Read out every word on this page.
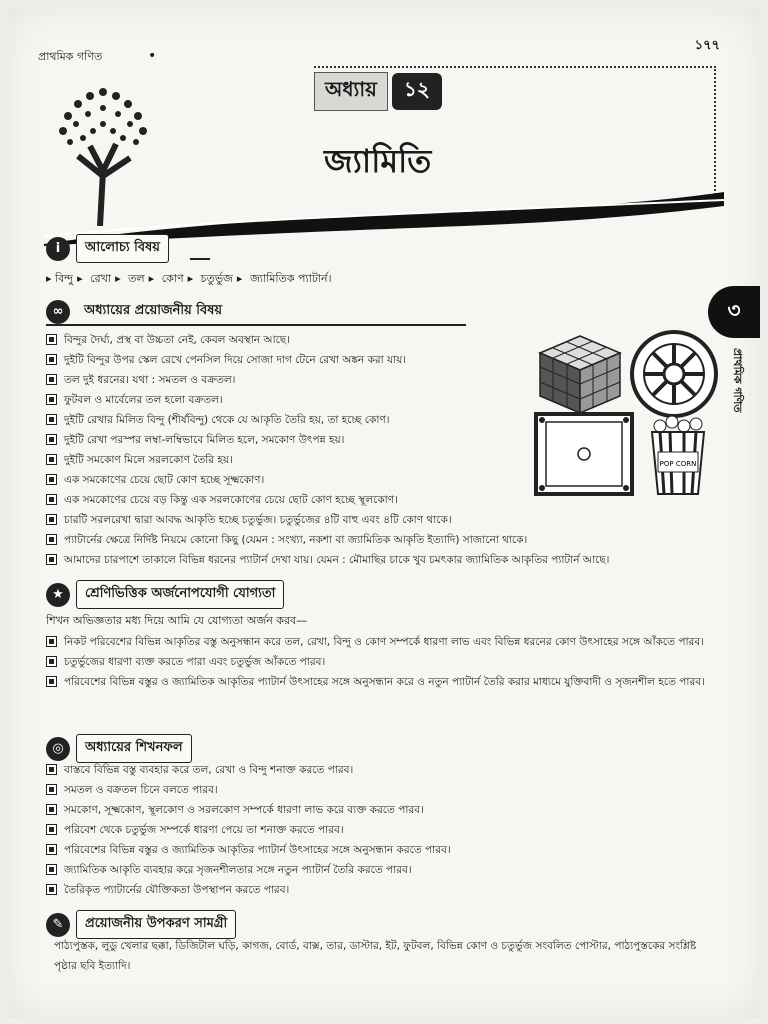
প্রাথমিক গণিত	•
১৭৭
অধ্যায়	১২
জ্যামিতি
৩
প্রাথমিক গণিত
i	আলোচ্য বিষয়
▸ বিন্দু ▸ রেখা ▸ তল ▸ কোণ ▸ চতুর্ভুজ ▸ জ্যামিতিক প্যাটার্ন।
∞	অধ্যায়ের প্রয়োজনীয় বিষয়
বিন্দুর দৈর্ঘ্য, প্রস্থ বা উচ্চতা নেই, কেবল অবস্থান আছে।
দুইটি বিন্দুর উপর স্কেল রেখে পেনসিল দিয়ে সোজা দাগ টেনে রেখা অঙ্কন করা যায়।
তল দুই ধরনের। যথা : সমতল ও বক্রতল।
ফুটবল ও মার্বেলের তল হলো বক্রতল।
দুইটি রেখার মিলিত বিন্দু (শীর্ষবিন্দু) থেকে যে আকৃতি তৈরি হয়, তা হচ্ছে কোণ।
দুইটি রেখা পরস্পর লম্বা-লম্বিভাবে মিলিত হলে, সমকোণ উৎপন্ন হয়।
দুইটি সমকোণ মিলে সরলকোণ তৈরি হয়।
এক সমকোণের চেয়ে ছোট কোণ হচ্ছে সূক্ষ্মকোণ।
এক সমকোণের চেয়ে বড় কিন্তু এক সরলকোণের চেয়ে ছোট কোণ হচ্ছে স্থূলকোণ।
চারটি সরলরেখা দ্বারা আবদ্ধ আকৃতি হচ্ছে চতুর্ভুজ। চতুর্ভুজের ৪টি বাহু এবং ৪টি কোণ থাকে।
প্যাটার্নের ক্ষেত্রে নির্দিষ্ট নিয়মে কোনো কিছু (যেমন : সংখ্যা, নকশা বা জ্যামিতিক আকৃতি ইত্যাদি) সাজানো থাকে।
আমাদের চারপাশে তাকালে বিভিন্ন ধরনের প্যাটার্ন দেখা যায়। যেমন : মৌমাছির চাকে খুব চমৎকার জ্যামিতিক আকৃতির প্যাটার্ন আছে।
POP CORN
★	শ্রেণিভিত্তিক অর্জনোপযোগী যোগ্যতা
শিখন অভিজ্ঞতার মধ্য দিয়ে আমি যে যোগ্যতা অর্জন করব—
নিকট পরিবেশের বিভিন্ন আকৃতির বস্তু অনুসন্ধান করে তল, রেখা, বিন্দু ও কোণ সম্পর্কে ধারণা লাভ এবং বিভিন্ন ধরনের কোণ উৎসাহের সঙ্গে আঁকতে পারব।
চতুর্ভুজের ধারণা ব্যক্ত করতে পারা এবং চতুর্ভুজ আঁকতে পারব।
পরিবেশের বিভিন্ন বস্তুর ও জ্যামিতিক আকৃতির প্যাটার্ন উৎসাহের সঙ্গে অনুসন্ধান করে ও নতুন প্যাটার্ন তৈরি করার মাধ্যমে যুক্তিবাদী ও সৃজনশীল হতে পারব।
◎	অধ্যায়ের শিখনফল
বাস্তবে বিভিন্ন বস্তু ব্যবহার করে তল, রেখা ও বিন্দু শনাক্ত করতে পারব।
সমতল ও বক্রতল চিনে বলতে পারব।
সমকোণ, সূক্ষ্মকোণ, স্থূলকোণ ও সরলকোণ সম্পর্কে ধারণা লাভ করে ব্যক্ত করতে পারব।
পরিবেশ থেকে চতুর্ভুজ সম্পর্কে ধারণা পেয়ে তা শনাক্ত করতে পারব।
পরিবেশের বিভিন্ন বস্তুর ও জ্যামিতিক আকৃতির প্যাটার্ন উৎসাহের সঙ্গে অনুসন্ধান করতে পারব।
জ্যামিতিক আকৃতি ব্যবহার করে সৃজনশীলতার সঙ্গে নতুন প্যাটার্ন তৈরি করতে পারব।
তৈরিকৃত প্যাটার্নের যৌক্তিকতা উপস্থাপন করতে পারব।
✎	প্রয়োজনীয় উপকরণ সামগ্রী
পাঠ্যপুস্তক, লুডু খেলার ছক্কা, ডিজিটাল ঘড়ি, কাগজ, বোর্ড, বাক্স, তার, ডাস্টার, ইট, ফুটবল, বিভিন্ন কোণ ও চতুর্ভুজ সংবলিত পোস্টার, পাঠ্যপুস্তকের সংশ্লিষ্ট পৃষ্ঠার ছবি ইত্যাদি।
